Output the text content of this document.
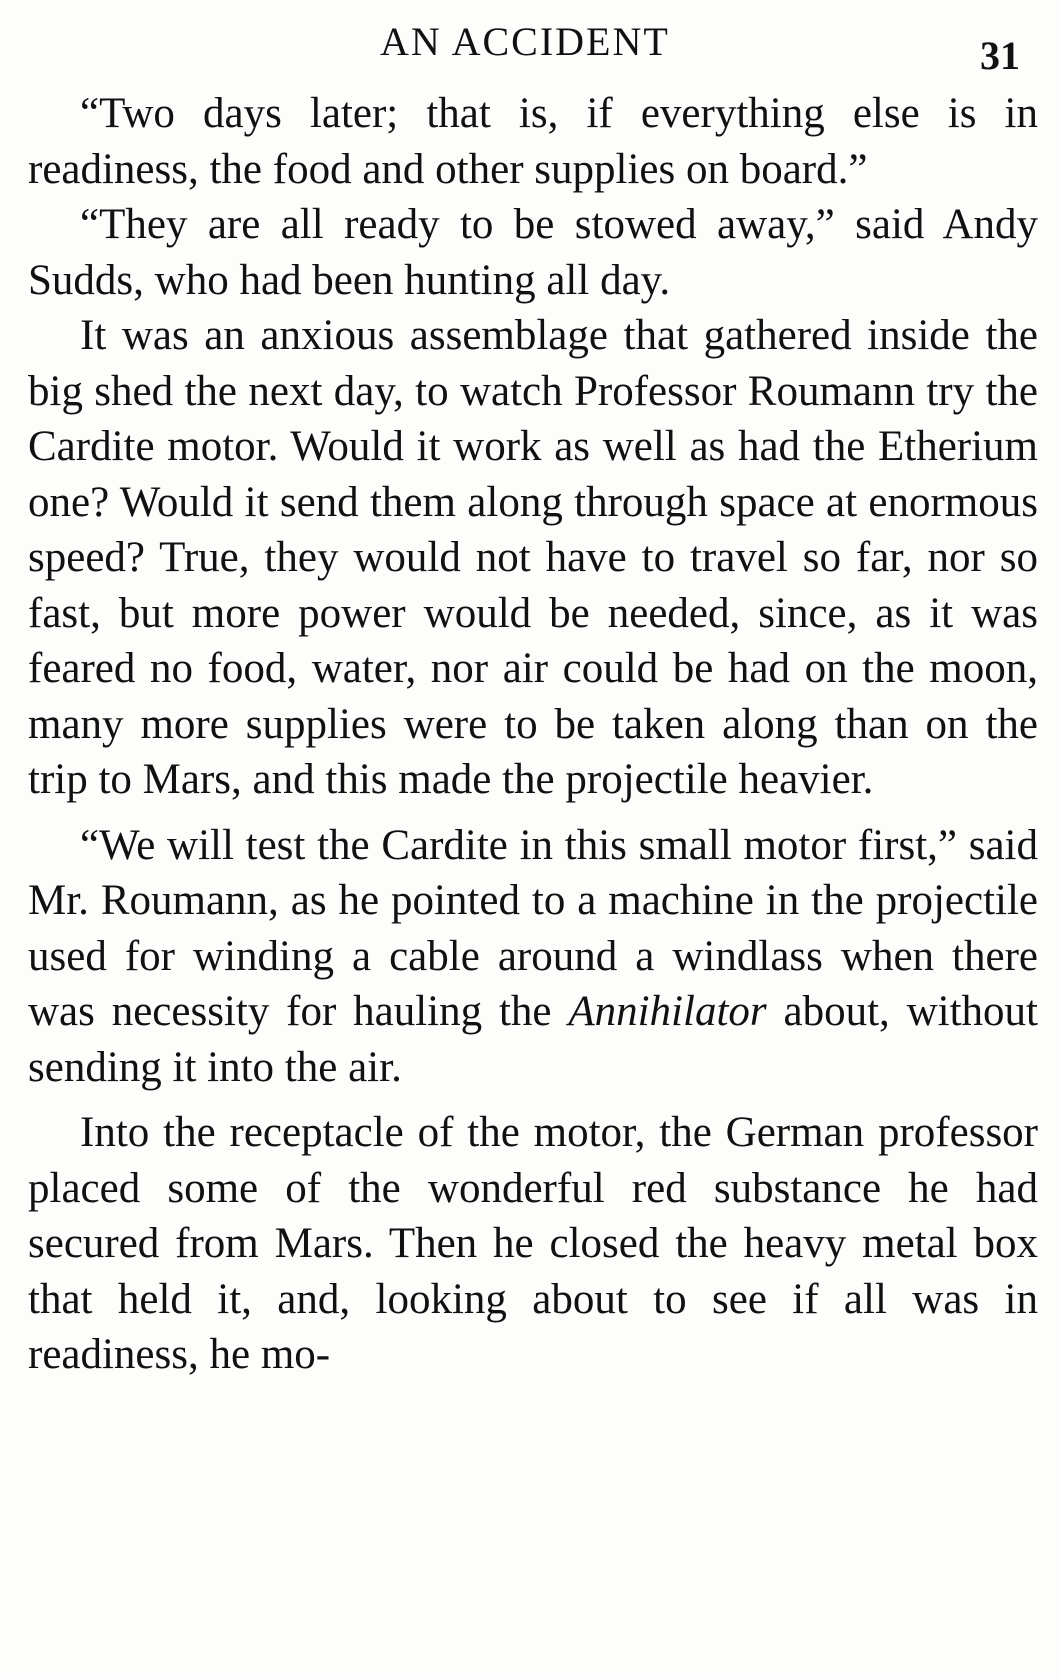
AN ACCIDENT	31

“Two days later; that is, if everything else is in readiness, the food and other supplies on board.”

“They are all ready to be stowed away,” said Andy Sudds, who had been hunting all day.

It was an anxious assemblage that gathered inside the big shed the next day, to watch Professor Roumann try the Cardite motor. Would it work as well as had the Etherium one? Would it send them along through space at enormous speed? True, they would not have to travel so far, nor so fast, but more power would be needed, since, as it was feared no food, water, nor air could be had on the moon, many more supplies were to be taken along than on the trip to Mars, and this made the projectile heavier.

“We will test the Cardite in this small motor first,” said Mr. Roumann, as he pointed to a machine in the projectile used for winding a cable around a windlass when there was necessity for hauling the Annihilator about, without sending it into the air.

Into the receptacle of the motor, the German professor placed some of the wonderful red substance he had secured from Mars. Then he closed the heavy metal box that held it, and, looking about to see if all was in readiness, he mo-
